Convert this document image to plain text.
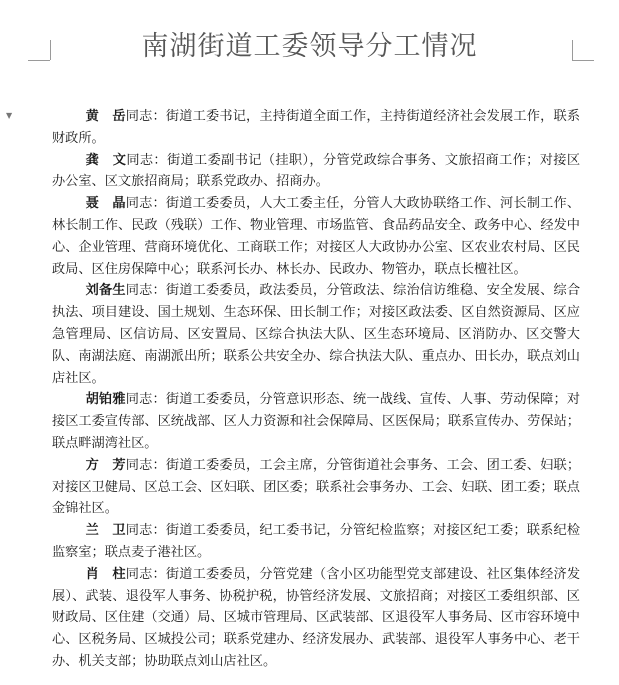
南湖街道工委领导分工情况
▼	黄　岳同志：街道工委书记，主持街道全面工作，主持街道经济社会发展工作，联系财政所。

龚　文同志：街道工委副书记（挂职），分管党政综合事务、文旅招商工作；对接区办公室、区文旅招商局；联系党政办、招商办。

聂　晶同志：街道工委委员，人大工委主任，分管人大政协联络工作、河长制工作、林长制工作、民政（残联）工作、物业管理、市场监管、食品药品安全、政务中心、经发中心、企业管理、营商环境优化、工商联工作；对接区人大政协办公室、区农业农村局、区民政局、区住房保障中心；联系河长办、林长办、民政办、物管办，联点长檀社区。

刘备生同志：街道工委委员，政法委员，分管政法、综治信访维稳、安全发展、综合执法、项目建设、国土规划、生态环保、田长制工作；对接区政法委、区自然资源局、区应急管理局、区信访局、区安置局、区综合执法大队、区生态环境局、区消防办、区交警大队、南湖法庭、南湖派出所；联系公共安全办、综合执法大队、重点办、田长办，联点刘山店社区。

胡铂雅同志：街道工委委员，分管意识形态、统一战线、宣传、人事、劳动保障；对接区工委宣传部、区统战部、区人力资源和社会保障局、区医保局；联系宣传办、劳保站；联点畔湖湾社区。

方　芳同志：街道工委委员，工会主席，分管街道社会事务、工会、团工委、妇联；对接区卫健局、区总工会、区妇联、团区委；联系社会事务办、工会、妇联、团工委；联点金锦社区。

兰　卫同志：街道工委委员，纪工委书记，分管纪检监察；对接区纪工委；联系纪检监察室；联点麦子港社区。

肖　柱同志：街道工委委员，分管党建（含小区功能型党支部建设、社区集体经济发展）、武装、退役军人事务、协税护税，协管经济发展、文旅招商；对接区工委组织部、区财政局、区住建（交通）局、区城市管理局、区武装部、区退役军人事务局、区市容环境中心、区税务局、区城投公司；联系党建办、经济发展办、武装部、退役军人事务中心、老干办、机关支部；协助联点刘山店社区。
